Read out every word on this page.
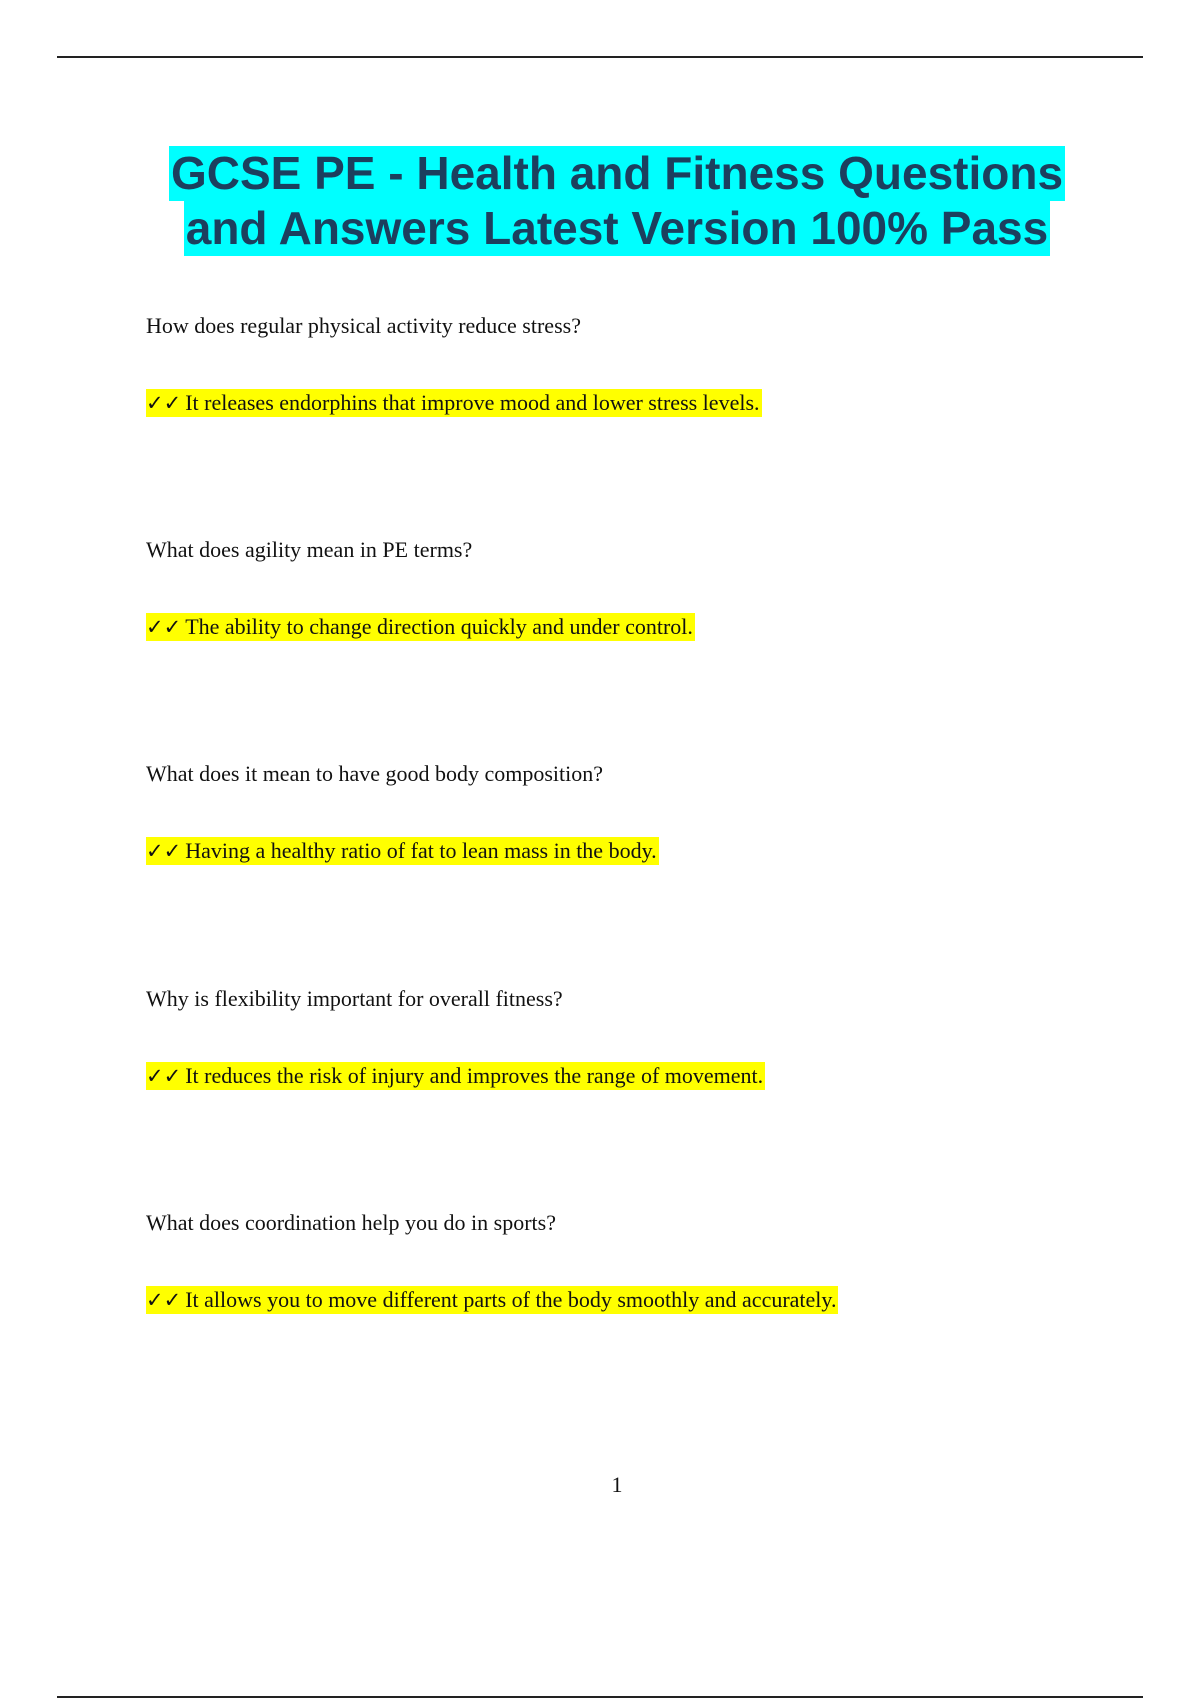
GCSE PE - Health and Fitness Questions
and Answers Latest Version 100% Pass
How does regular physical activity reduce stress?
✓✓ It releases endorphins that improve mood and lower stress levels.
What does agility mean in PE terms?
✓✓ The ability to change direction quickly and under control.
What does it mean to have good body composition?
✓✓ Having a healthy ratio of fat to lean mass in the body.
Why is flexibility important for overall fitness?
✓✓ It reduces the risk of injury and improves the range of movement.
What does coordination help you do in sports?
✓✓ It allows you to move different parts of the body smoothly and accurately.
1
